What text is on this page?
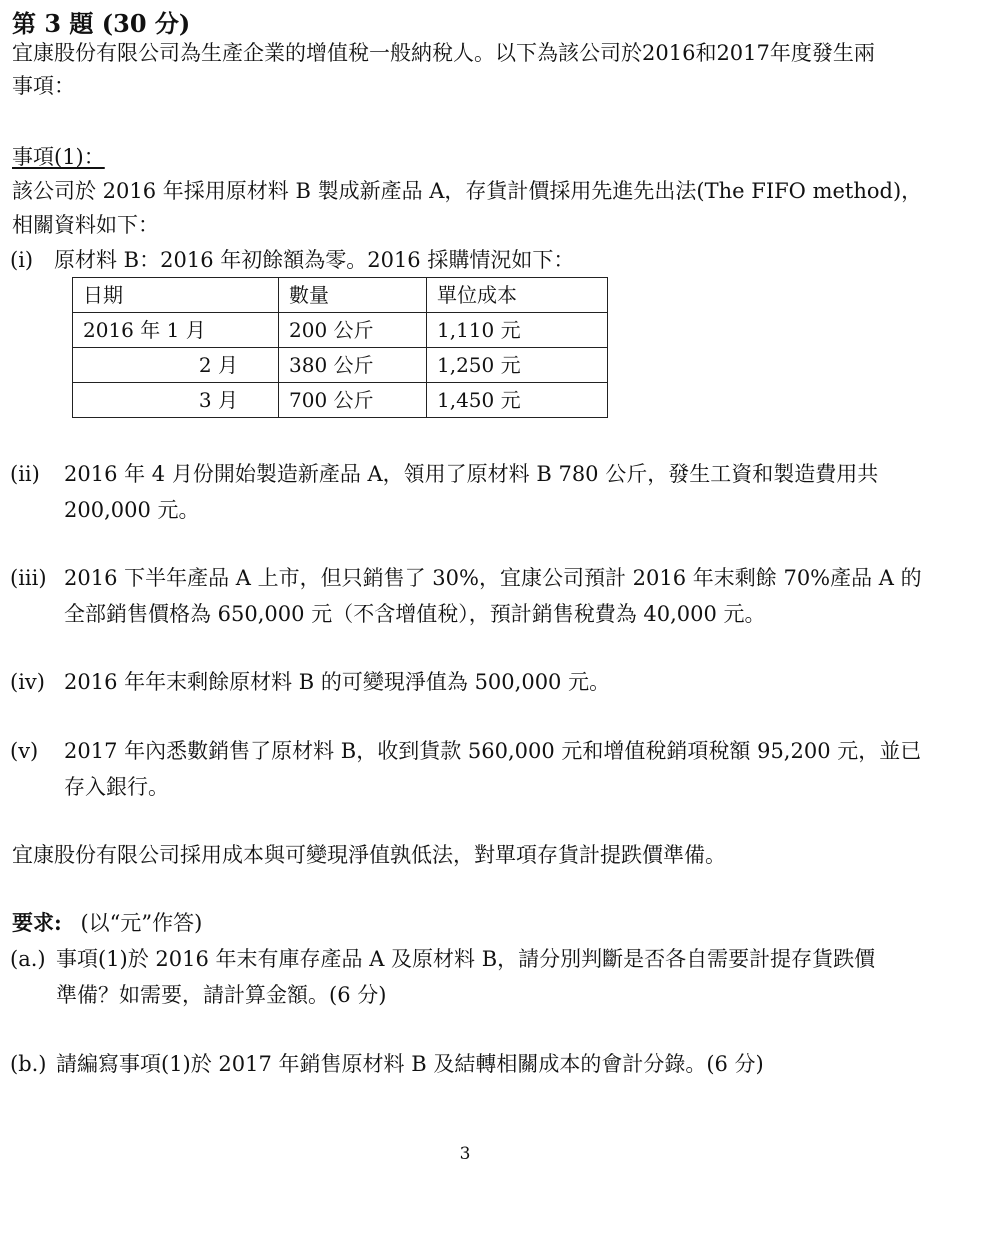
第 3 題 (30 分)
宜康股份有限公司為生產企業的增值稅一般納稅人。以下為該公司於2016和2017年度發生兩
事項：
事項(1)：
該公司於 2016 年採用原材料 B 製成新產品 A，存貨計價採用先進先出法(The FIFO method)，
相關資料如下：
(i) 原材料 B：2016 年初餘額為零。2016 採購情況如下：
日期	數量	單位成本
2016 年 1 月	200 公斤	1,110 元
2 月	380 公斤	1,250 元
3 月	700 公斤	1,450 元
(ii) 2016 年 4 月份開始製造新產品 A，領用了原材料 B 780 公斤，發生工資和製造費用共
200,000 元。
(iii) 2016 下半年產品 A 上市，但只銷售了 30%，宜康公司預計 2016 年末剩餘 70%產品 A 的
全部銷售價格為 650,000 元（不含增值稅），預計銷售稅費為 40,000 元。
(iv) 2016 年年末剩餘原材料 B 的可變現淨值為 500,000 元。
(v) 2017 年內悉數銷售了原材料 B，收到貨款 560,000 元和增值稅銷項稅額 95,200 元，並已
存入銀行。
宜康股份有限公司採用成本與可變現淨值孰低法，對單項存貨計提跌價準備。
要求: (以“元”作答)
(a.) 事項(1)於 2016 年末有庫存產品 A 及原材料 B，請分別判斷是否各自需要計提存貨跌價
準備？如需要，請計算金額。(6 分)
(b.) 請編寫事項(1)於 2017 年銷售原材料 B 及結轉相關成本的會計分錄。(6 分)
3
